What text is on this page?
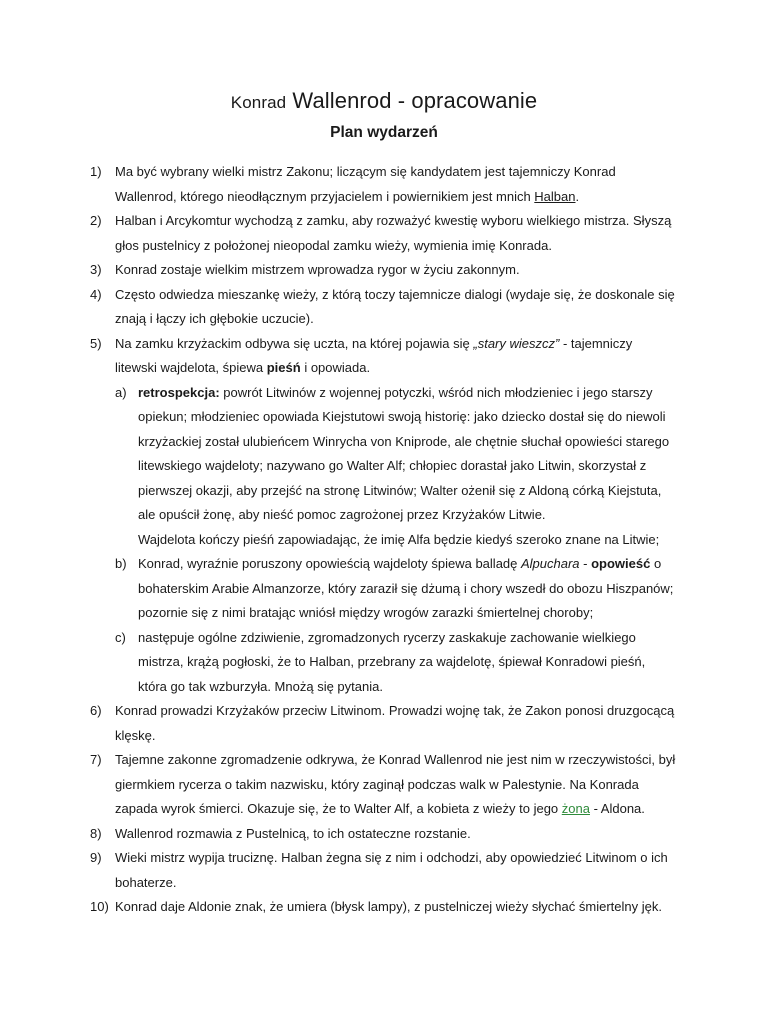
Konrad Wallenrod - opracowanie
Plan wydarzeń
1) Ma być wybrany wielki mistrz Zakonu; liczącym się kandydatem jest tajemniczy Konrad Wallenrod, którego nieodłącznym przyjacielem i powiernikiem jest mnich Halban.
2) Halban i Arcykomtur wychodzą z zamku, aby rozważyć kwestię wyboru wielkiego mistrza. Słyszą głos pustelnicy z położonej nieopodal zamku wieży, wymienia imię Konrada.
3) Konrad zostaje wielkim mistrzem wprowadza rygor w życiu zakonnym.
4) Często odwiedza mieszankę wieży, z którą toczy tajemnicze dialogi (wydaje się, że doskonale się znają i łączy ich głębokie uczucie).
5) Na zamku krzyżackim odbywa się uczta, na której pojawia się „stary wieszcz” - tajemniczy litewski wajdelota, śpiewa pieśń i opowiada.
a) retrospekcja: powrót Litwinów z wojennej potyczki, wśród nich młodzieniec i jego starszy opiekun; młodzieniec opowiada Kiejstutowi swoją historię: jako dziecko dostał się do niewoli krzyżackiej został ulubieńcem Winrycha von Kniprode, ale chętnie słuchał opowieści starego litewskiego wajdeloty; nazywano go Walter Alf; chłopiec dorastał jako Litwin, skorzystał z pierwszej okazji, aby przejść na stronę Litwinów; Walter ożenił się z Aldoną córką Kiejstuta, ale opuścił żonę, aby nieść pomoc zagrożonej przez Krzyżaków Litwie.
Wajdelota kończy pieśń zapowiadając, że imię Alfa będzie kiedyś szeroko znane na Litwie;
b) Konrad, wyraźnie poruszony opowieścią wajdeloty śpiewa balladę Alpuchara - opowieść o bohaterskim Arabie Almanzorze, który zaraził się dżumą i chory wszedł do obozu Hiszpanów; pozornie się z nimi bratając wniósł między wrogów zarazki śmiertelnej choroby;
c) następuje ogólne zdziwienie, zgromadzonych rycerzy zaskakuje zachowanie wielkiego mistrza, krążą pogłoski, że to Halban, przebrany za wajdelotę, śpiewał Konradowi pieśń, która go tak wzburzyła. Mnożą się pytania.
6) Konrad prowadzi Krzyżaków przeciw Litwinom. Prowadzi wojnę tak, że Zakon ponosi druzgocącą klęskę.
7) Tajemne zakonne zgromadzenie odkrywa, że Konrad Wallenrod nie jest nim w rzeczywistości, był giermkiem rycerza o takim nazwisku, który zaginął podczas walk w Palestynie. Na Konrada zapada wyrok śmierci. Okazuje się, że to Walter Alf, a kobieta z wieży to jego żona - Aldona.
8) Wallenrod rozmawia z Pustelnicą, to ich ostateczne rozstanie.
9) Wieki mistrz wypija truciznę. Halban żegna się z nim i odchodzi, aby opowiedzieć Litwinom o ich bohaterze.
10) Konrad daje Aldonie znak, że umiera (błysk lampy), z pustelniczej wieży słychać śmiertelny jęk.
